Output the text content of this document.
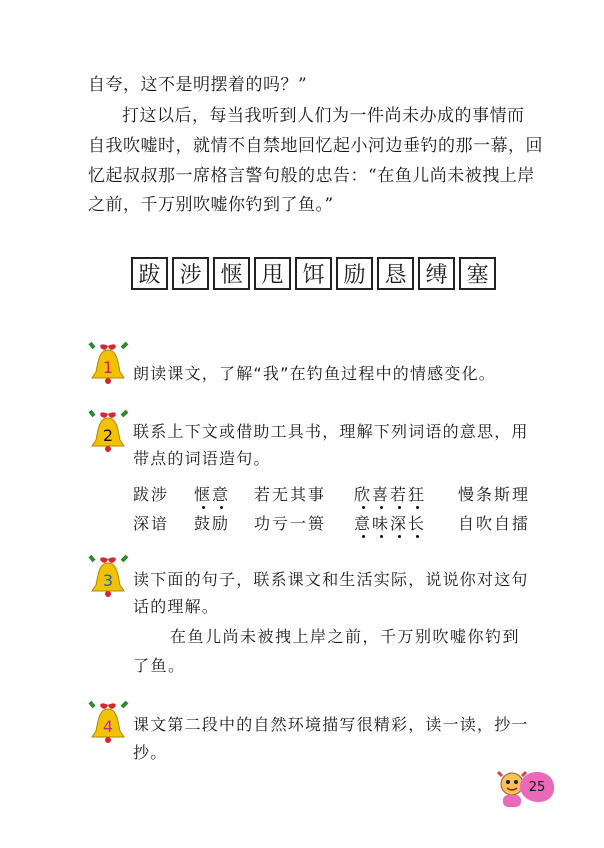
自夸，这不是明摆着的吗？”
打这以后，每当我听到人们为一件尚未办成的事情而
自我吹嘘时，就情不自禁地回忆起小河边垂钓的那一幕，回
忆起叔叔那一席格言警句般的忠告：“在鱼儿尚未被拽上岸
之前，千万别吹嘘你钓到了鱼。”
跋 涉 惬 甩 饵 励 恳 缚 塞
1
2
3
4
朗读课文，了解“我”在钓鱼过程中的情感变化。
联系上下文或借助工具书，理解下列词语的意思，用
带点的词语造句。
跋涉 惬意 若无其事 欣喜若狂 慢条斯理
深谙 鼓励 功亏一篑 意味深长 自吹自擂
读下面的句子，联系课文和生活实际，说说你对这句
话的理解。
在鱼儿尚未被拽上岸之前，千万别吹嘘你钓到
了鱼。
课文第二段中的自然环境描写很精彩，读一读，抄一
抄。
25
